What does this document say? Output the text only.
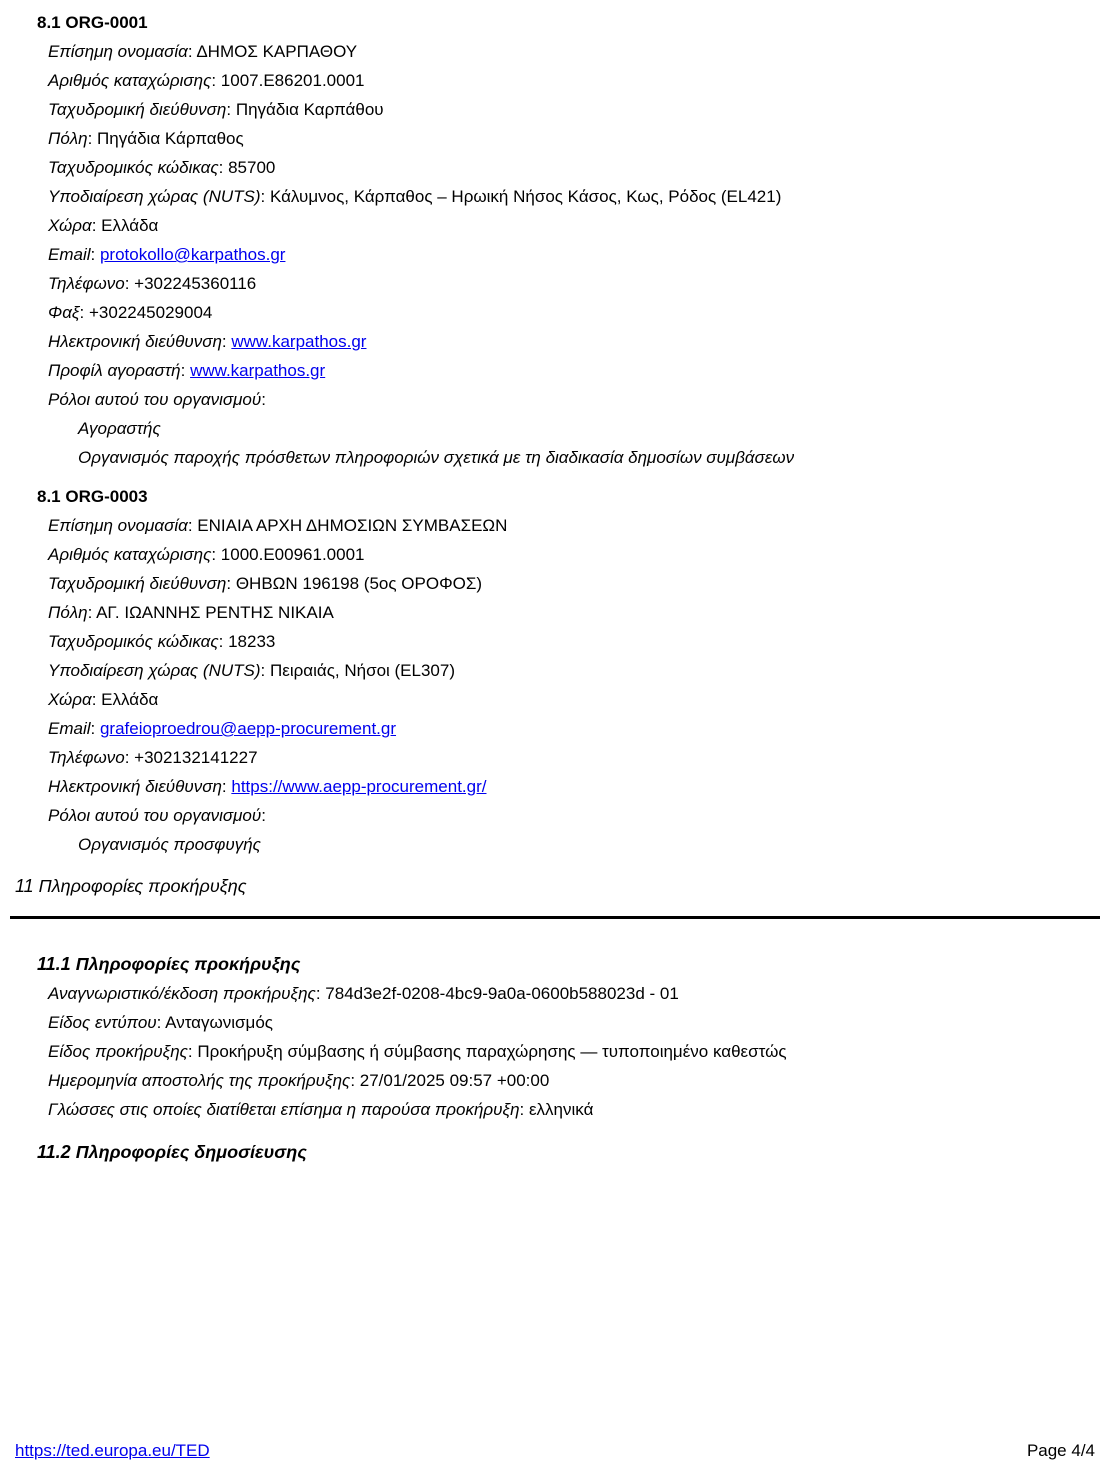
8.1 ORG-0001
Επίσημη ονομασία: ΔΗΜΟΣ ΚΑΡΠΑΘΟΥ
Αριθμός καταχώρισης: 1007.E86201.0001
Ταχυδρομική διεύθυνση: Πηγάδια Καρπάθου
Πόλη: Πηγάδια Κάρπαθος
Ταχυδρομικός κώδικας: 85700
Υποδιαίρεση χώρας (NUTS): Κάλυμνος, Κάρπαθος – Ηρωική Νήσος Κάσος, Κως, Ρόδος (EL421)
Χώρα: Ελλάδα
Email: protokollo@karpathos.gr
Τηλέφωνο: +302245360116
Φαξ: +302245029004
Ηλεκτρονική διεύθυνση: www.karpathos.gr
Προφίλ αγοραστή: www.karpathos.gr
Ρόλοι αυτού του οργανισμού:
Αγοραστής
Οργανισμός παροχής πρόσθετων πληροφοριών σχετικά με τη διαδικασία δημοσίων συμβάσεων
8.1 ORG-0003
Επίσημη ονομασία: ΕΝΙΑΙΑ ΑΡΧΗ ΔΗΜΟΣΙΩΝ ΣΥΜΒΑΣΕΩΝ
Αριθμός καταχώρισης: 1000.E00961.0001
Ταχυδρομική διεύθυνση: ΘΗΒΩΝ 196198 (5ος ΟΡΟΦΟΣ)
Πόλη: ΑΓ. ΙΩΑΝΝΗΣ ΡΕΝΤΗΣ ΝΙΚΑΙΑ
Ταχυδρομικός κώδικας: 18233
Υποδιαίρεση χώρας (NUTS): Πειραιάς, Νήσοι (EL307)
Χώρα: Ελλάδα
Email: grafeioproedrou@aepp-procurement.gr
Τηλέφωνο: +302132141227
Ηλεκτρονική διεύθυνση: https://www.aepp-procurement.gr/
Ρόλοι αυτού του οργανισμού:
Οργανισμός προσφυγής
11 Πληροφορίες προκήρυξης
11.1 Πληροφορίες προκήρυξης
Αναγνωριστικό/έκδοση προκήρυξης: 784d3e2f-0208-4bc9-9a0a-0600b588023d - 01
Είδος εντύπου: Ανταγωνισμός
Είδος προκήρυξης: Προκήρυξη σύμβασης ή σύμβασης παραχώρησης — τυποποιημένο καθεστώς
Ημερομηνία αποστολής της προκήρυξης: 27/01/2025 09:57 +00:00
Γλώσσες στις οποίες διατίθεται επίσημα η παρούσα προκήρυξη: ελληνικά
11.2 Πληροφορίες δημοσίευσης
https://ted.europa.eu/TED	Page 4/4
